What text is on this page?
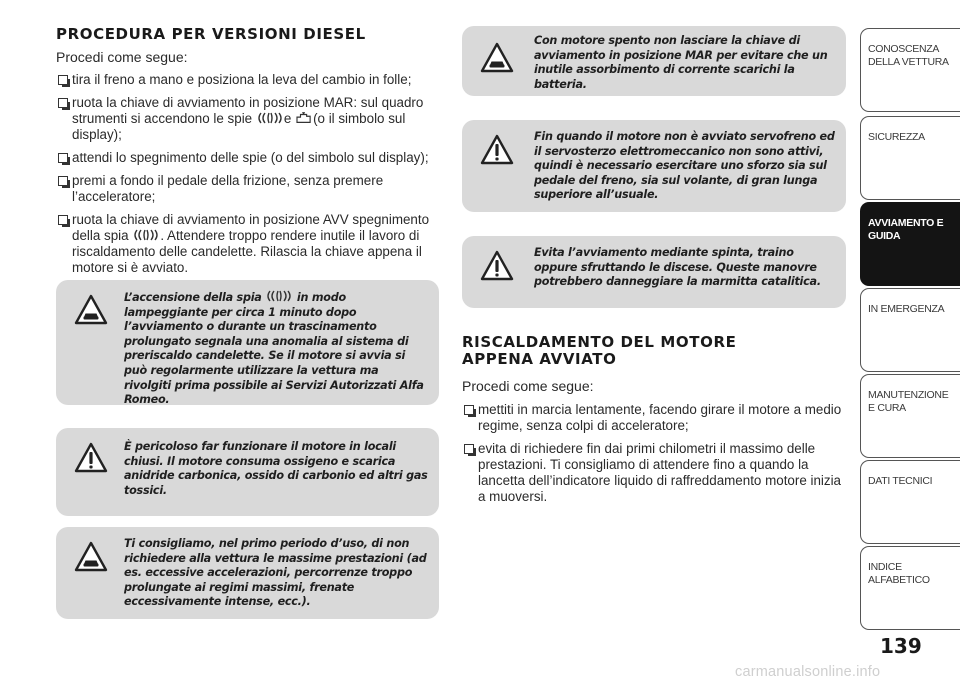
PROCEDURA PER VERSIONI DIESEL

Procedi come segue:

tira il freno a mano e posiziona la leva del cambio in folle;
ruota la chiave di avviamento in posizione MAR: sul quadro strumenti si accendono le spie e (o il simbolo sul display);
attendi lo spegnimento delle spie (o del simbolo sul display);
premi a fondo il pedale della frizione, senza premere l’acceleratore;
ruota la chiave di avviamento in posizione AVV spegnimento della spia . Attendere troppo rendere inutile il lavoro di riscaldamento delle candelette. Rilascia la chiave appena il motore si è avviato.

L’accensione della spia	in modo lampeggiante per circa 1 minuto dopo l’avviamento o durante un trascinamento prolungato segnala una anomalia al sistema di preriscaldo candelette. Se il motore si avvia si può regolarmente utilizzare la vettura ma rivolgiti prima possibile ai Servizi Autorizzati Alfa Romeo.

È pericoloso far funzionare il motore in locali chiusi. Il motore consuma ossigeno e scarica anidride carbonica, ossido di carbonio ed altri gas tossici.

Ti consigliamo, nel primo periodo d’uso, di non richiedere alla vettura le massime prestazioni (ad es. eccessive accelerazioni, percorrenze troppo prolungate ai regimi massimi, frenate eccessivamente intense, ecc.).

Con motore spento non lasciare la chiave di avviamento in posizione MAR per evitare che un inutile assorbimento di corrente scarichi la batteria.

Fin quando il motore non è avviato servofreno ed il servosterzo elettromeccanico non sono attivi, quindi è necessario esercitare uno sforzo sia sul pedale del freno, sia sul volante, di gran lunga superiore all’usuale.

Evita l’avviamento mediante spinta, traino oppure sfruttando le discese. Queste manovre potrebbero danneggiare la marmitta catalitica.

RISCALDAMENTO DEL MOTORE
APPENA AVVIATO

Procedi come segue:

mettiti in marcia lentamente, facendo girare il motore a medio regime, senza colpi di acceleratore;
evita di richiedere fin dai primi chilometri il massimo delle prestazioni. Ti consigliamo di attendere fino a quando la lancetta dell’indicatore liquido di raffreddamento motore inizia a muoversi.
CONOSCENZA DELLA VETTURA
SICUREZZA
AVVIAMENTO E GUIDA
IN EMERGENZA
MANUTENZIONE E CURA
DATI TECNICI
INDICE ALFABETICO
139
carmanualsonline.info
